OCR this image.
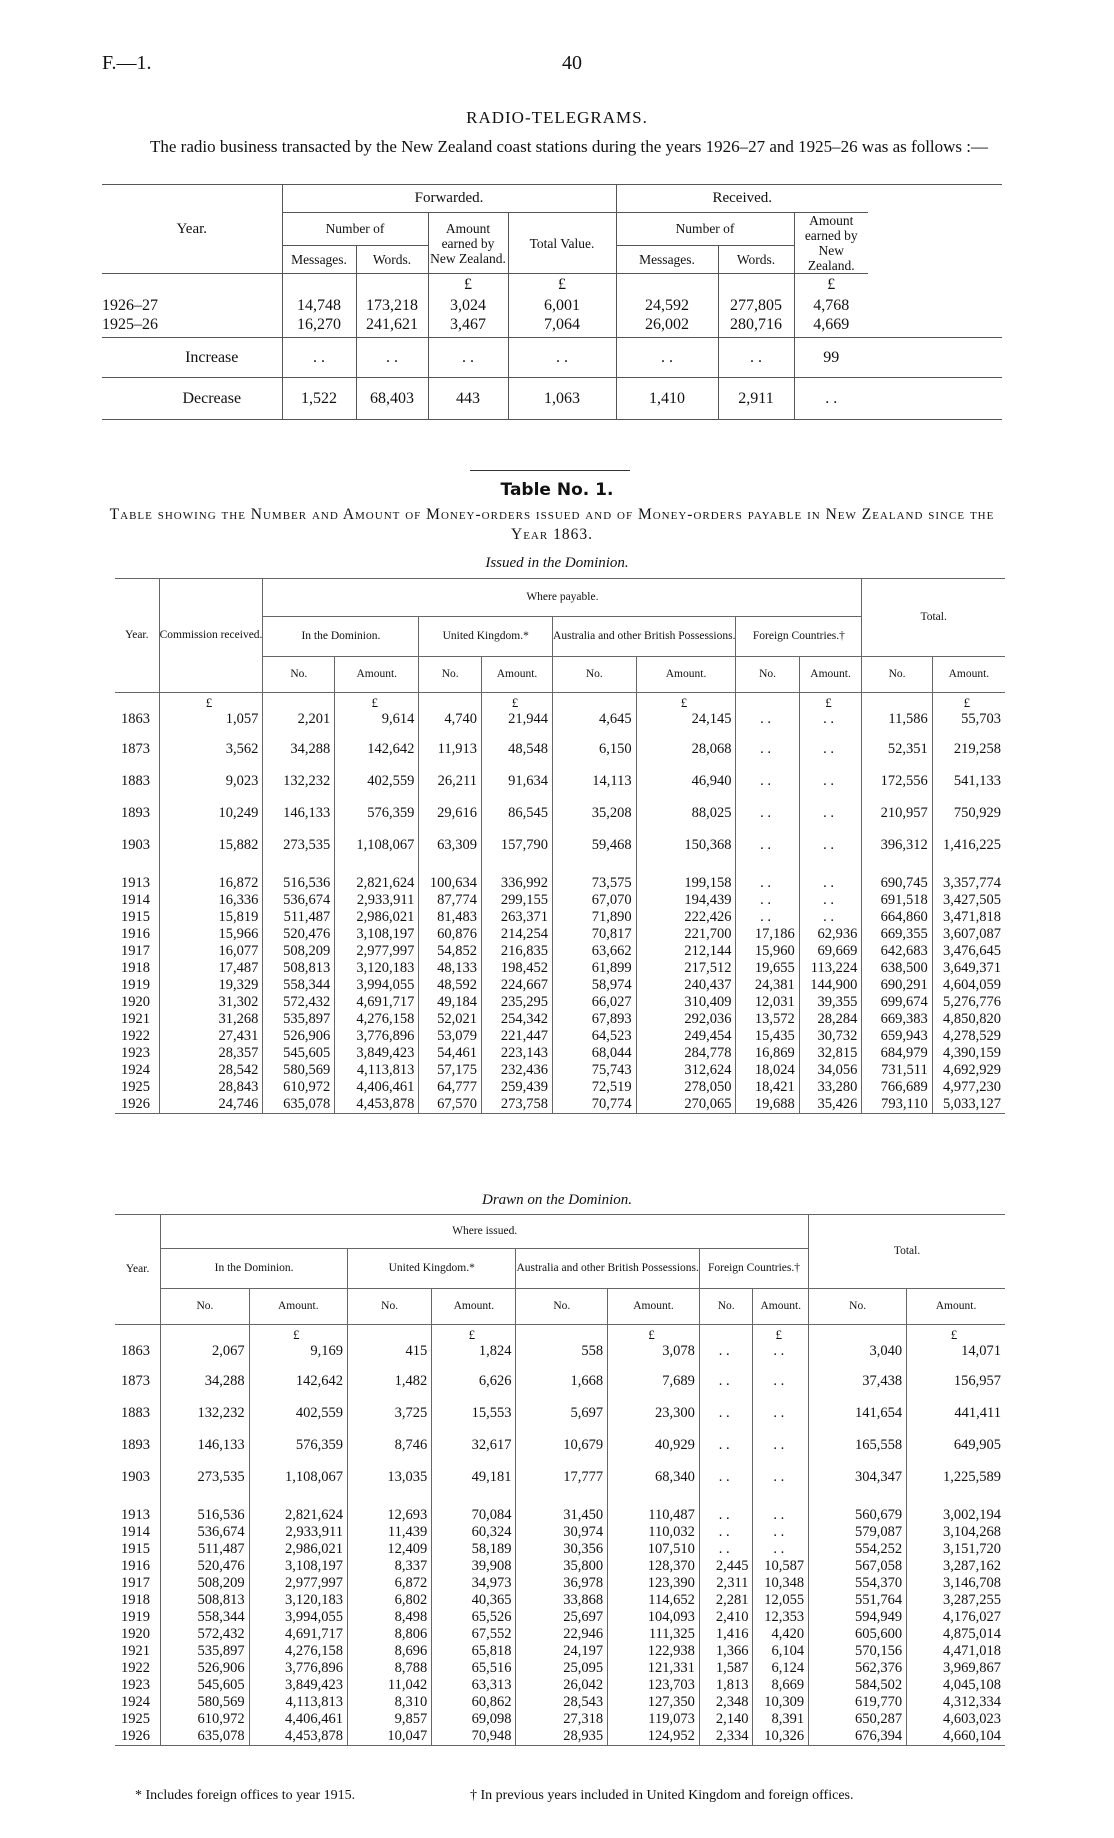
F.—1.	40
RADIO-TELEGRAMS.
The radio business transacted by the New Zealand coast stations during the years 1926–27 and 1925–26 was as follows :—
Year.	Forwarded.				Received.		
	Number of		Amount earned by New Zealand.	Total Value.	Number of		Amount earned by New Zealand.
	Messages.	Words.			Messages.	Words.	
			£	£			£
1926–27	14,748	173,218	3,024	6,001	24,592	277,805	4,768
1925–26	16,270	241,621	3,467	7,064	26,002	280,716	4,669
Increase	. .	. .	. .	. .	. .	. .	99
Decrease	1,522	68,403	443	1,063	1,410	2,911	. .
Table No. 1.
Table showing the Number and Amount of Money-orders issued and of Money-orders payable in New Zealand since the Year 1863.
Issued in the Dominion.
Year.	Commission received.	Where payable.								Total.	
		In the Dominion.		United Kingdom.*		Australia and other British Possessions.		Foreign Countries.†			
		No.	Amount.	No.	Amount.	No.	Amount.	No.	Amount.	No.	Amount.
	£		£		£		£		£		£
1863	1,057	2,201	9,614	4,740	21,944	4,645	24,145	. .	. .	11,586	55,703
1873	3,562	34,288	142,642	11,913	48,548	6,150	28,068	. .	. .	52,351	219,258
1883	9,023	132,232	402,559	26,211	91,634	14,113	46,940	. .	. .	172,556	541,133
1893	10,249	146,133	576,359	29,616	86,545	35,208	88,025	. .	. .	210,957	750,929
1903	15,882	273,535	1,108,067	63,309	157,790	59,468	150,368	. .	. .	396,312	1,416,225
1913	16,872	516,536	2,821,624	100,634	336,992	73,575	199,158	. .	. .	690,745	3,357,774
1914	16,336	536,674	2,933,911	87,774	299,155	67,070	194,439	. .	. .	691,518	3,427,505
1915	15,819	511,487	2,986,021	81,483	263,371	71,890	222,426	. .	. .	664,860	3,471,818
1916	15,966	520,476	3,108,197	60,876	214,254	70,817	221,700	17,186	62,936	669,355	3,607,087
1917	16,077	508,209	2,977,997	54,852	216,835	63,662	212,144	15,960	69,669	642,683	3,476,645
1918	17,487	508,813	3,120,183	48,133	198,452	61,899	217,512	19,655	113,224	638,500	3,649,371
1919	19,329	558,344	3,994,055	48,592	224,667	58,974	240,437	24,381	144,900	690,291	4,604,059
1920	31,302	572,432	4,691,717	49,184	235,295	66,027	310,409	12,031	39,355	699,674	5,276,776
1921	31,268	535,897	4,276,158	52,021	254,342	67,893	292,036	13,572	28,284	669,383	4,850,820
1922	27,431	526,906	3,776,896	53,079	221,447	64,523	249,454	15,435	30,732	659,943	4,278,529
1923	28,357	545,605	3,849,423	54,461	223,143	68,044	284,778	16,869	32,815	684,979	4,390,159
1924	28,542	580,569	4,113,813	57,175	232,436	75,743	312,624	18,024	34,056	731,511	4,692,929
1925	28,843	610,972	4,406,461	64,777	259,439	72,519	278,050	18,421	33,280	766,689	4,977,230
1926	24,746	635,078	4,453,878	67,570	273,758	70,774	270,065	19,688	35,426	793,110	5,033,127
Drawn on the Dominion.
Year.	Where issued.								Total.	
	In the Dominion.		United Kingdom.*		Australia and other British Possessions.		Foreign Countries.†			
	No.	Amount.	No.	Amount.	No.	Amount.	No.	Amount.	No.	Amount.
		£		£		£		£		£
1863	2,067	9,169	415	1,824	558	3,078	. .	. .	3,040	14,071
1873	34,288	142,642	1,482	6,626	1,668	7,689	. .	. .	37,438	156,957
1883	132,232	402,559	3,725	15,553	5,697	23,300	. .	. .	141,654	441,411
1893	146,133	576,359	8,746	32,617	10,679	40,929	. .	. .	165,558	649,905
1903	273,535	1,108,067	13,035	49,181	17,777	68,340	. .	. .	304,347	1,225,589
1913	516,536	2,821,624	12,693	70,084	31,450	110,487	. .	. .	560,679	3,002,194
1914	536,674	2,933,911	11,439	60,324	30,974	110,032	. .	. .	579,087	3,104,268
1915	511,487	2,986,021	12,409	58,189	30,356	107,510	. .	. .	554,252	3,151,720
1916	520,476	3,108,197	8,337	39,908	35,800	128,370	2,445	10,587	567,058	3,287,162
1917	508,209	2,977,997	6,872	34,973	36,978	123,390	2,311	10,348	554,370	3,146,708
1918	508,813	3,120,183	6,802	40,365	33,868	114,652	2,281	12,055	551,764	3,287,255
1919	558,344	3,994,055	8,498	65,526	25,697	104,093	2,410	12,353	594,949	4,176,027
1920	572,432	4,691,717	8,806	67,552	22,946	111,325	1,416	4,420	605,600	4,875,014
1921	535,897	4,276,158	8,696	65,818	24,197	122,938	1,366	6,104	570,156	4,471,018
1922	526,906	3,776,896	8,788	65,516	25,095	121,331	1,587	6,124	562,376	3,969,867
1923	545,605	3,849,423	11,042	63,313	26,042	123,703	1,813	8,669	584,502	4,045,108
1924	580,569	4,113,813	8,310	60,862	28,543	127,350	2,348	10,309	619,770	4,312,334
1925	610,972	4,406,461	9,857	69,098	27,318	119,073	2,140	8,391	650,287	4,603,023
1926	635,078	4,453,878	10,047	70,948	28,935	124,952	2,334	10,326	676,394	4,660,104
* Includes foreign offices to year 1915.	† In previous years included in United Kingdom and foreign offices.
